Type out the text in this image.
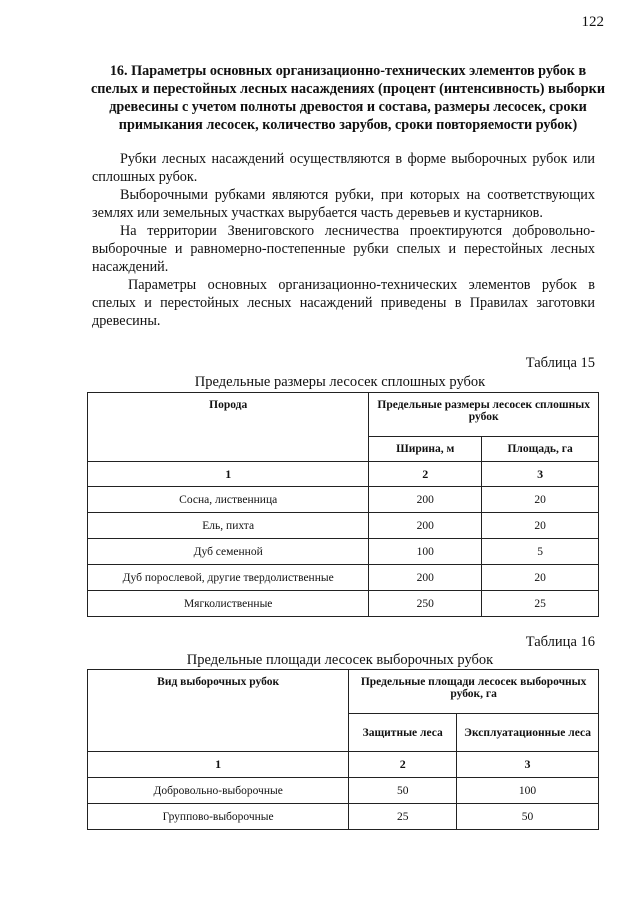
122
16. Параметры основных организационно-технических элементов рубок в спелых и перестойных лесных насаждениях (процент (интенсивность) выборки древесины с учетом полноты древостоя и состава, размеры лесосек, сроки примыкания лесосек, количество зарубов, сроки повторяемости рубок)

Рубки лесных насаждений осуществляются в форме выборочных рубок или сплошных рубок.

Выборочными рубками являются рубки, при которых на соответствующих землях или земельных участках вырубается часть деревьев и кустарников.

На территории Звениговского лесничества проектируются добровольно-выборочные и равномерно-постепенные рубки спелых и перестойных лесных насаждений.

Параметры основных организационно-технических элементов рубок в спелых и перестойных лесных насаждений приведены в Правилах заготовки древесины.

Таблица 15
Предельные размеры лесосек сплошных рубок
Порода	Предельные размеры лесосек сплошных рубок	
	Ширина, м	Площадь, га
1	2	3
Сосна, лиственница	200	20
Ель, пихта	200	20
Дуб семенной	100	5
Дуб порослевой, другие твердолиственные	200	20
Мягколиственные	250	25
Таблица 16
Предельные площади лесосек выборочных рубок
Вид выборочных рубок	Предельные площади лесосек выборочных рубок, га	
	Защитные леса	Эксплуатационные леса
1	2	3
Добровольно-выборочные	50	100
Группово-выборочные	25	50
